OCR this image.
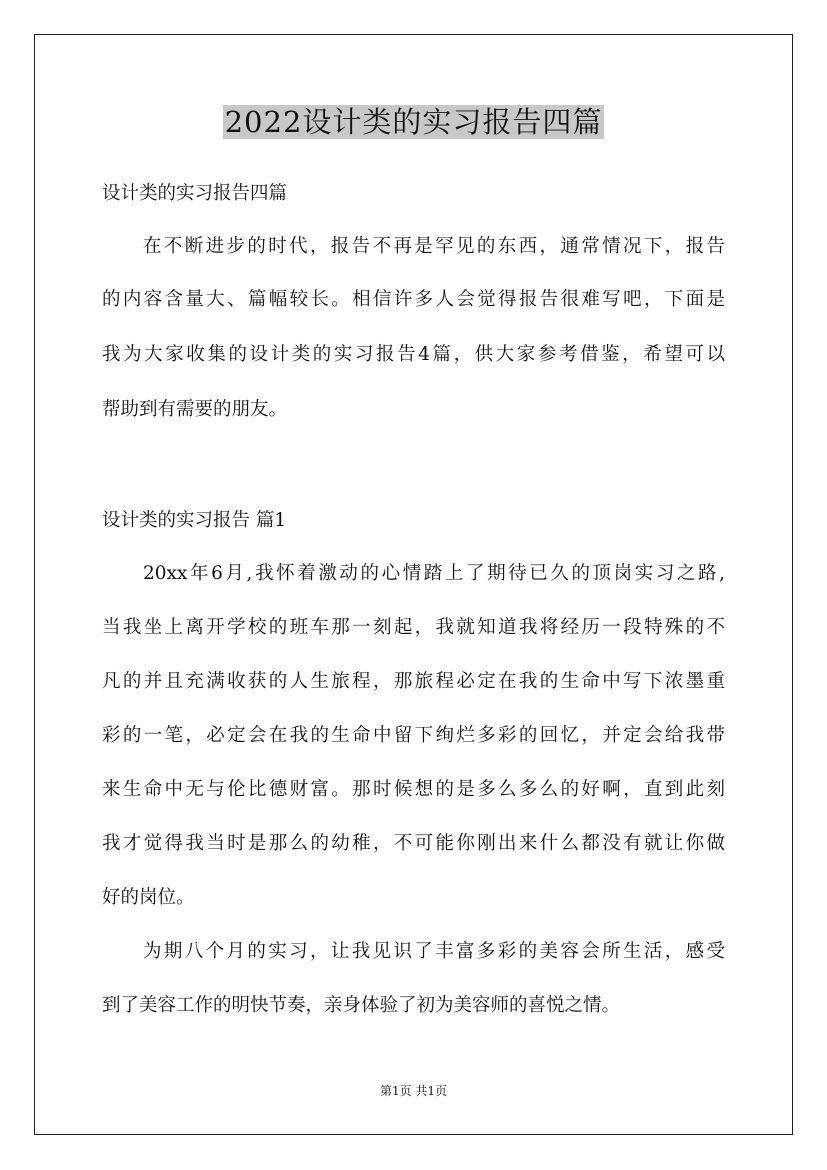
2022设计类的实习报告四篇

设计类的实习报告四篇

在不断进步的时代，报告不再是罕见的东西，通常情况下，报告

的内容含量大、篇幅较长。相信许多人会觉得报告很难写吧，下面是

我为大家收集的设计类的实习报告4篇，供大家参考借鉴，希望可以

帮助到有需要的朋友。

设计类的实习报告 篇1

20xx年6月,我怀着激动的心情踏上了期待已久的顶岗实习之路,

当我坐上离开学校的班车那一刻起，我就知道我将经历一段特殊的不

凡的并且充满收获的人生旅程，那旅程必定在我的生命中写下浓墨重

彩的一笔，必定会在我的生命中留下绚烂多彩的回忆，并定会给我带

来生命中无与伦比德财富。那时候想的是多么多么的好啊，直到此刻

我才觉得我当时是那么的幼稚，不可能你刚出来什么都没有就让你做

好的岗位。

为期八个月的实习，让我见识了丰富多彩的美容会所生活，感受

到了美容工作的明快节奏，亲身体验了初为美容师的喜悦之情。

第1页 共1页
